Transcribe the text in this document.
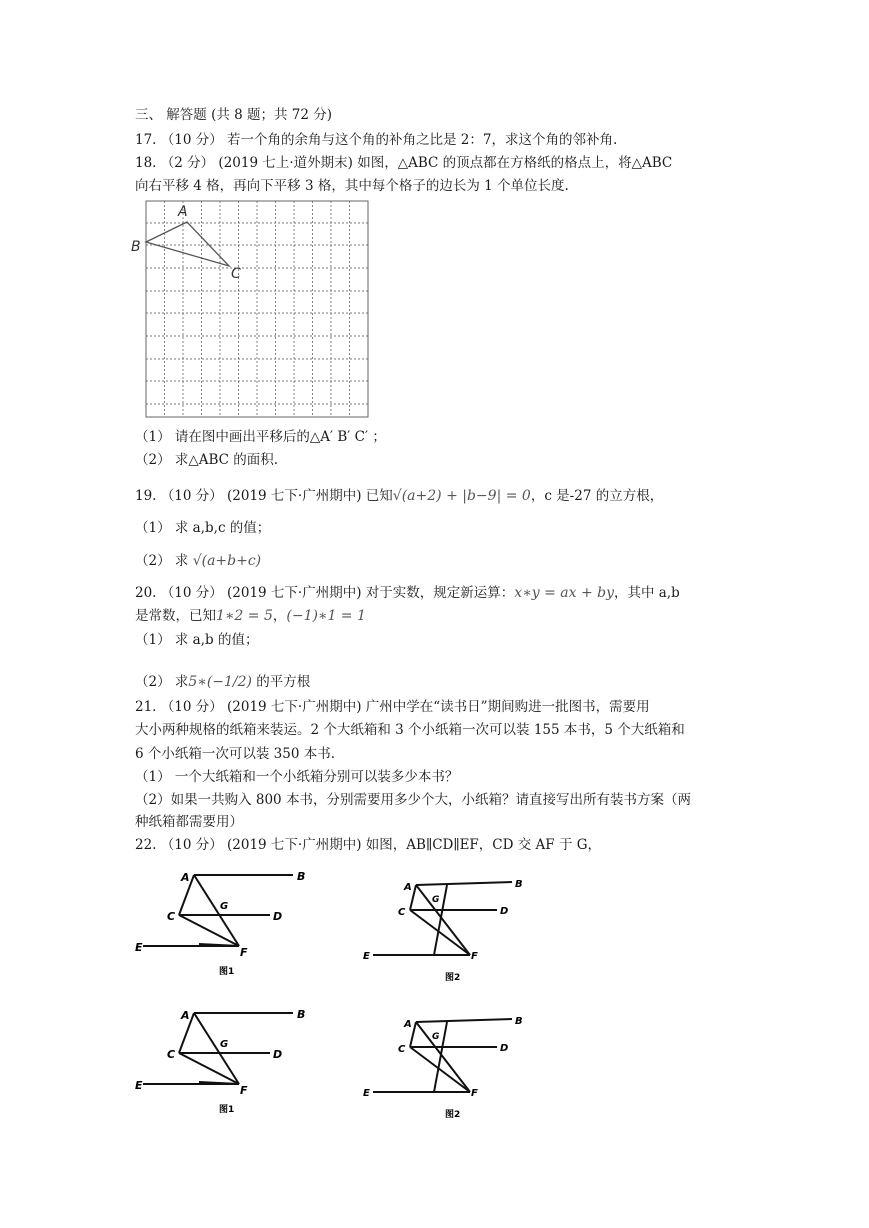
三、 解答题 (共 8 题；共 72 分)
17. （10 分） 若一个角的余角与这个角的补角之比是 2：7，求这个角的邻补角.
18. （2 分） (2019 七上·道外期末) 如图，△ABC 的顶点都在方格纸的格点上，将△ABC
向右平移 4 格，再向下平移 3 格，其中每个格子的边长为 1 个单位长度.
A
B
C
（1） 请在图中画出平移后的△A′ B′ C′ ；
（2） 求△ABC 的面积.
19. （10 分） (2019 七下·广州期中) 已知√(a+2) + |b−9| = 0，c 是-27 的立方根，
（1） 求 a,b,c 的值；
（2） 求 √(a+b+c)
20. （10 分） (2019 七下·广州期中) 对于实数，规定新运算：x∗y = ax + by，其中 a,b
是常数，已知1∗2 = 5，(−1)∗1 = 1
（1） 求 a,b 的值；
（2） 求5∗(−1/2) 的平方根
21. （10 分） (2019 七下·广州期中) 广州中学在“读书日”期间购进一批图书，需要用
大小两种规格的纸箱来装运。2 个大纸箱和 3 个小纸箱一次可以装 155 本书，5 个大纸箱和
6 个小纸箱一次可以装 350 本书.
（1） 一个大纸箱和一个小纸箱分别可以装多少本书？
（2）如果一共购入 800 本书，分别需要用多少个大，小纸箱？请直接写出所有装书方案（两
种纸箱都需要用）
22. （10 分） (2019 七下·广州期中) 如图，AB∥CD∥EF，CD 交 AF 于 G，
A	B
C
G
D
E	F
图1
A	B
C
G
D
E	F
图2
A	B
C
G
D
E	F
图1
A	B
C
G
D
E	F
图2
